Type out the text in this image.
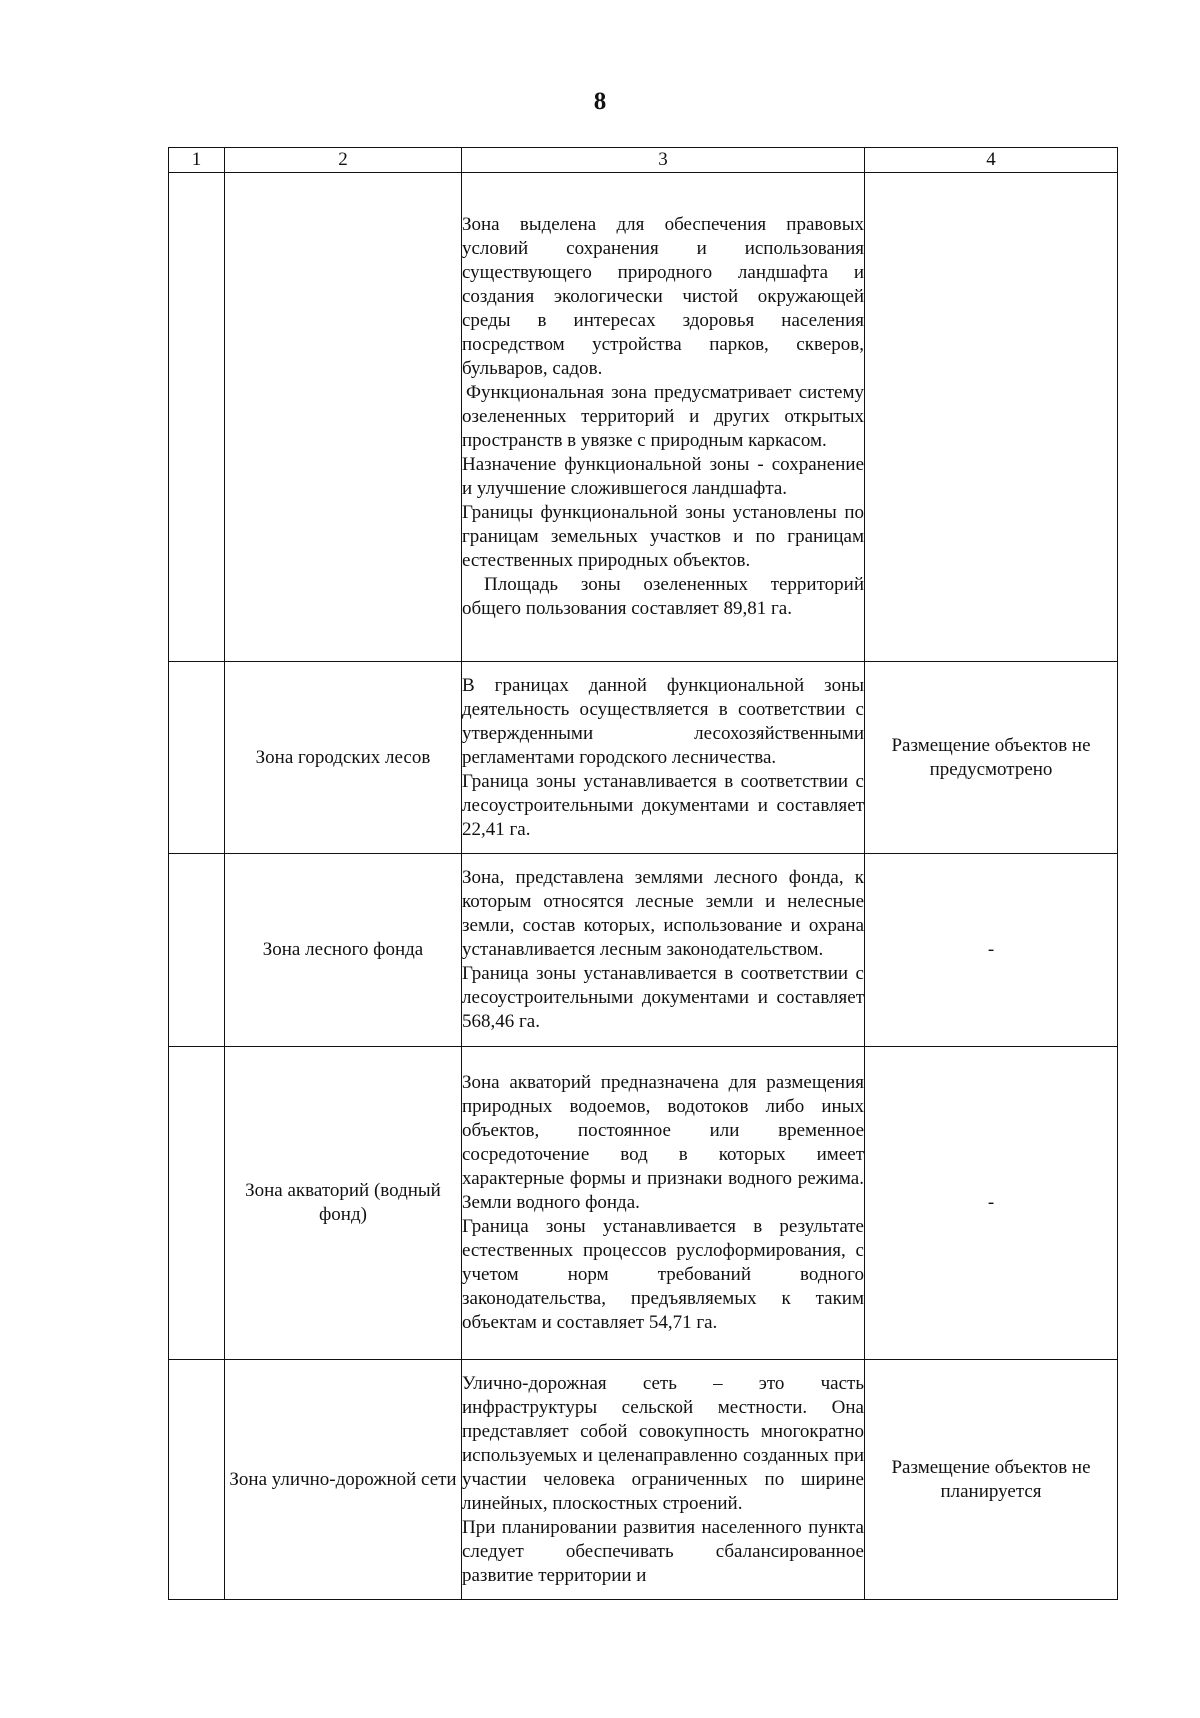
8
1	2	3	4

		Зона выделена для обеспечения правовых условий сохранения и использования существующего природного ландшафта и создания экологически чистой окружающей среды в интересах здоровья населения посредством устройства парков, скверов, бульваров, садов.

Функциональная зона предусматривает систему озелененных территорий и других открытых пространств в увязке с природным каркасом.

Назначение функциональной зоны - сохранение и улучшение сложившегося ландшафта.

Границы функциональной зоны установлены по границам земельных участков и по границам естественных природных объектов.

Площадь зоны озелененных территорий общего пользования составляет 89,81 га.	

	Зона городских лесов	В границах данной функциональной зоны деятельность осуществляется в соответствии с утвержденными лесохозяйственными регламентами городского лесничества.

Граница зоны устанавливается в соответствии с лесоустроительными документами и составляет 22,41 га.	Размещение объектов не предусмотрено
	Зона лесного фонда	Зона, представлена землями лесного фонда, к которым относятся лесные земли и нелесные земли, состав которых, использование и охрана устанавливается лесным законодательством.

Граница зоны устанавливается в соответствии с лесоустроительными документами и составляет 568,46 га.	-
	Зона акваторий (водный фонд)	Зона акваторий предназначена для размещения природных водоемов, водотоков либо иных объектов, постоянное или временное сосредоточение вод в которых имеет характерные формы и признаки водного режима. Земли водного фонда.

Граница зоны устанавливается в результате естественных процессов руслоформирования, с учетом норм требований водного законодательства, предъявляемых к таким объектам и составляет 54,71 га.	-
	Зона улично-дорожной сети	Улично-дорожная сеть – это часть инфраструктуры сельской местности. Она представляет собой совокупность многократно используемых и целенаправленно созданных при участии человека ограниченных по ширине линейных, плоскостных строений.

При планировании развития населенного пункта следует обеспечивать сбалансированное развитие территории и	Размещение объектов не планируется
